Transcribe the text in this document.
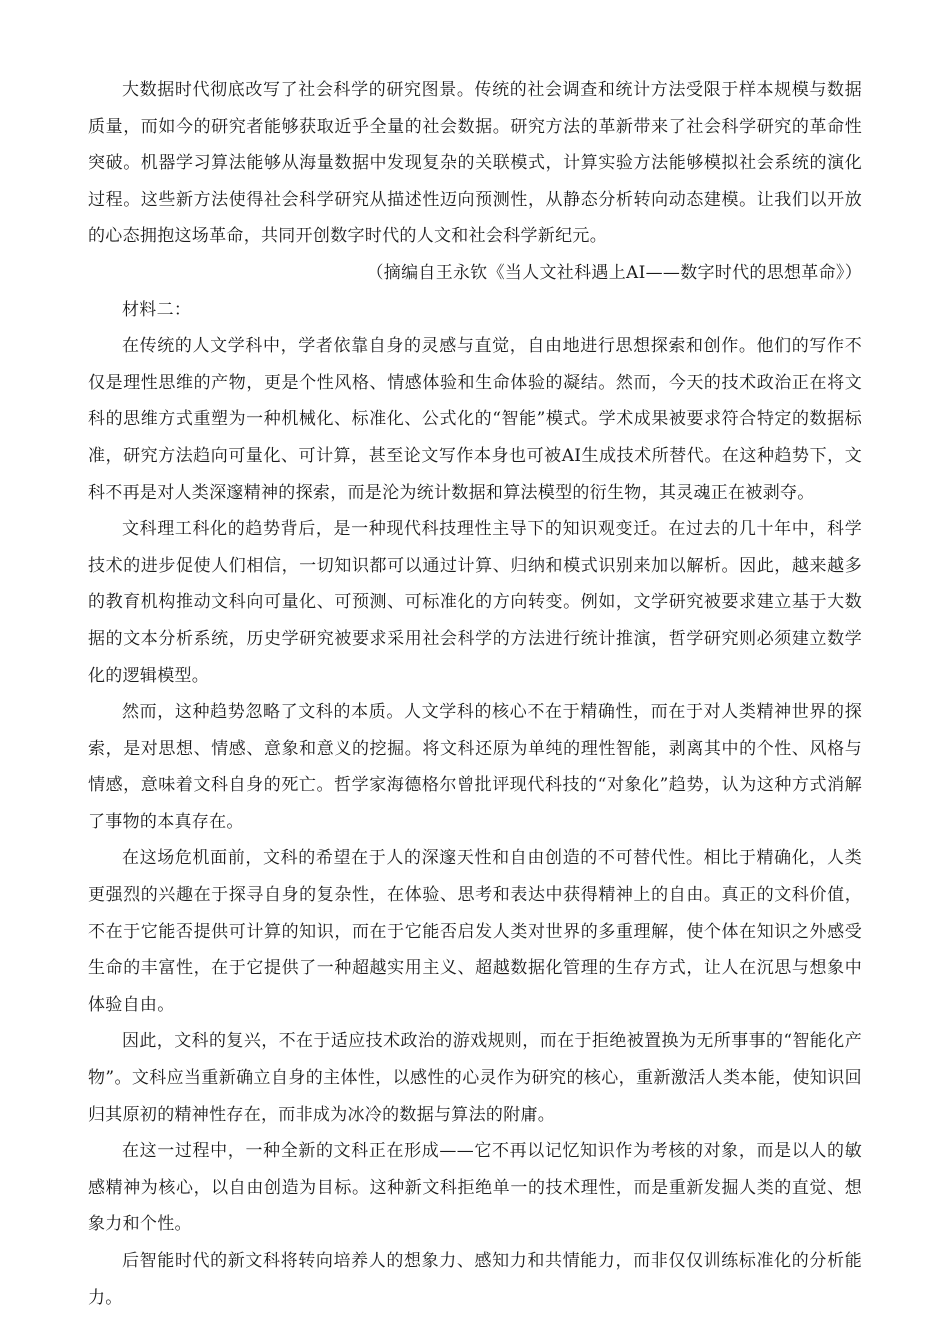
大数据时代彻底改写了社会科学的研究图景。传统的社会调查和统计方法受限于样本规模与数据质量，而如今的研究者能够获取近乎全量的社会数据。研究方法的革新带来了社会科学研究的革命性突破。机器学习算法能够从海量数据中发现复杂的关联模式，计算实验方法能够模拟社会系统的演化过程。这些新方法使得社会科学研究从描述性迈向预测性，从静态分析转向动态建模。让我们以开放的心态拥抱这场革命，共同开创数字时代的人文和社会科学新纪元。

（摘编自王永钦《当人文社科遇上AI——数字时代的思想革命》）

材料二：

在传统的人文学科中，学者依靠自身的灵感与直觉，自由地进行思想探索和创作。他们的写作不仅是理性思维的产物，更是个性风格、情感体验和生命体验的凝结。然而，今天的技术政治正在将文科的思维方式重塑为一种机械化、标准化、公式化的“智能”模式。学术成果被要求符合特定的数据标准，研究方法趋向可量化、可计算，甚至论文写作本身也可被AI生成技术所替代。在这种趋势下，文科不再是对人类深邃精神的探索，而是沦为统计数据和算法模型的衍生物，其灵魂正在被剥夺。

文科理工科化的趋势背后，是一种现代科技理性主导下的知识观变迁。在过去的几十年中，科学技术的进步促使人们相信，一切知识都可以通过计算、归纳和模式识别来加以解析。因此，越来越多的教育机构推动文科向可量化、可预测、可标准化的方向转变。例如，文学研究被要求建立基于大数据的文本分析系统，历史学研究被要求采用社会科学的方法进行统计推演，哲学研究则必须建立数学化的逻辑模型。

然而，这种趋势忽略了文科的本质。人文学科的核心不在于精确性，而在于对人类精神世界的探索，是对思想、情感、意象和意义的挖掘。将文科还原为单纯的理性智能，剥离其中的个性、风格与情感，意味着文科自身的死亡。哲学家海德格尔曾批评现代科技的“对象化”趋势，认为这种方式消解了事物的本真存在。

在这场危机面前，文科的希望在于人的深邃天性和自由创造的不可替代性。相比于精确化，人类更强烈的兴趣在于探寻自身的复杂性，在体验、思考和表达中获得精神上的自由。真正的文科价值，不在于它能否提供可计算的知识，而在于它能否启发人类对世界的多重理解，使个体在知识之外感受生命的丰富性，在于它提供了一种超越实用主义、超越数据化管理的生存方式，让人在沉思与想象中体验自由。

因此，文科的复兴，不在于适应技术政治的游戏规则，而在于拒绝被置换为无所事事的“智能化产物”。文科应当重新确立自身的主体性，以感性的心灵作为研究的核心，重新激活人类本能，使知识回归其原初的精神性存在，而非成为冰冷的数据与算法的附庸。

在这一过程中，一种全新的文科正在形成——它不再以记忆知识作为考核的对象，而是以人的敏感精神为核心，以自由创造为目标。这种新文科拒绝单一的技术理性，而是重新发掘人类的直觉、想象力和个性。

后智能时代的新文科将转向培养人的想象力、感知力和共情能力，而非仅仅训练标准化的分析能力。
